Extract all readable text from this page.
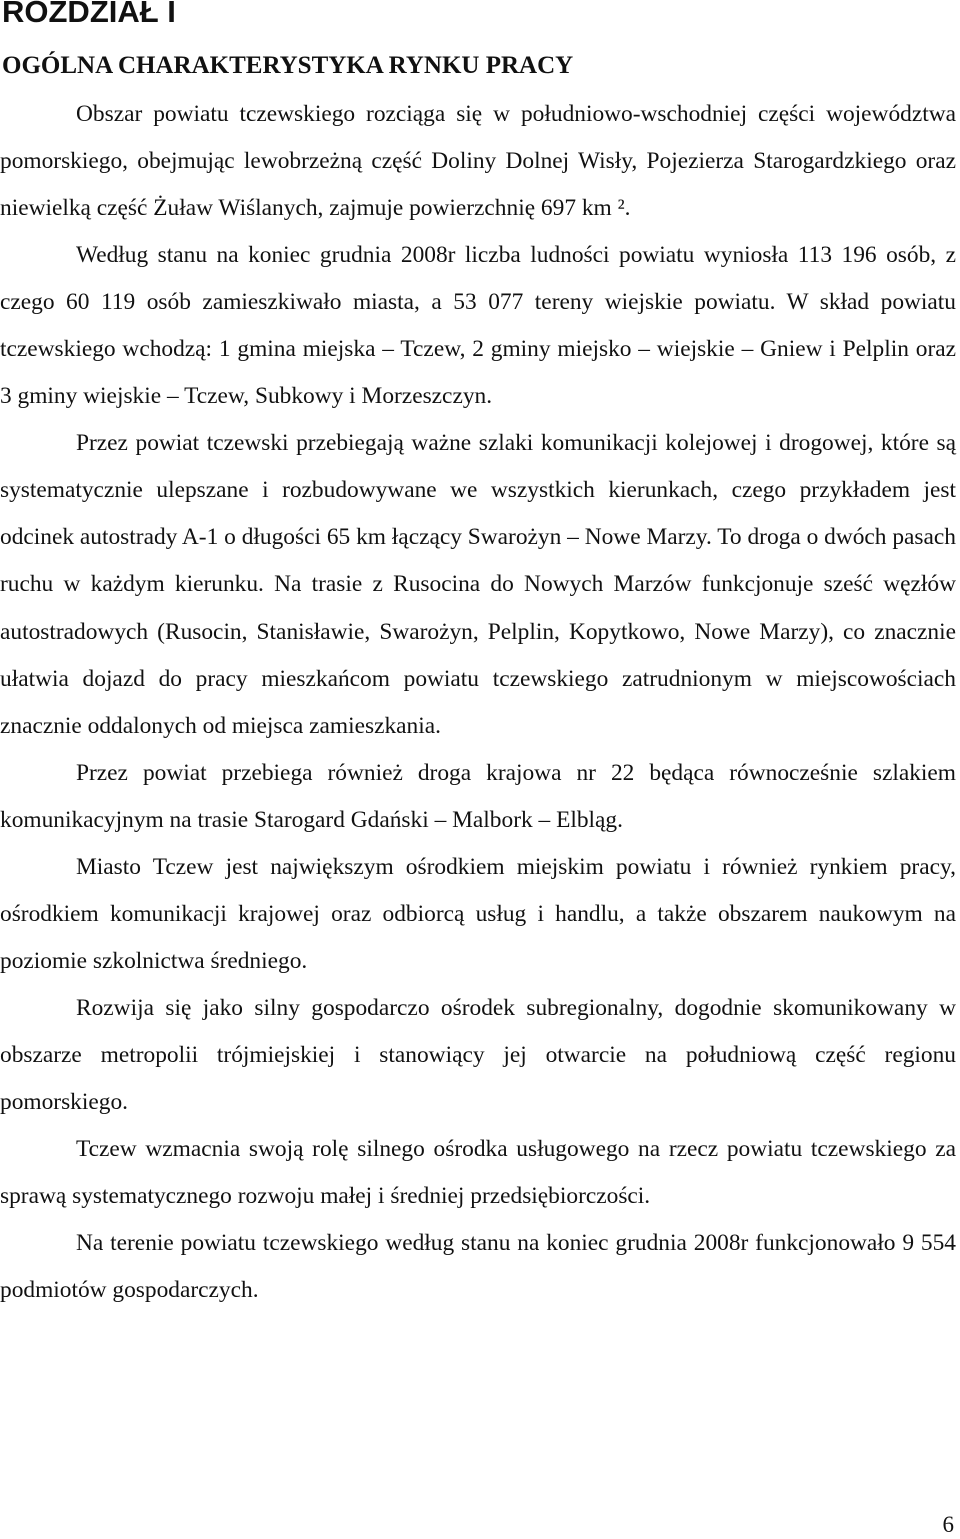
ROZDZIAŁ I
OGÓLNA CHARAKTERYSTYKA RYNKU PRACY

Obszar powiatu tczewskiego rozciąga się w południowo-wschodniej części województwa pomorskiego, obejmując lewobrzeżną część Doliny Dolnej Wisły, Pojezierza Starogardzkiego oraz niewielką część Żuław Wiślanych, zajmuje powierzchnię 697 km ².

Według stanu na koniec grudnia 2008r liczba ludności powiatu wyniosła 113 196 osób, z czego 60 119 osób zamieszkiwało miasta, a 53 077 tereny wiejskie powiatu. W skład powiatu tczewskiego wchodzą: 1 gmina miejska – Tczew, 2 gminy miejsko – wiejskie – Gniew i Pelplin oraz 3 gminy wiejskie – Tczew, Subkowy i Morzeszczyn.

Przez powiat tczewski przebiegają ważne szlaki komunikacji kolejowej i drogowej, które są systematycznie ulepszane i rozbudowywane we wszystkich kierunkach, czego przykładem jest odcinek autostrady A-1 o długości 65 km łączący Swarożyn – Nowe Marzy. To droga o dwóch pasach ruchu w każdym kierunku. Na trasie z Rusocina do Nowych Marzów funkcjonuje sześć węzłów autostradowych (Rusocin, Stanisławie, Swarożyn, Pelplin, Kopytkowo, Nowe Marzy), co znacznie ułatwia dojazd do pracy mieszkańcom powiatu tczewskiego zatrudnionym w miejscowościach znacznie oddalonych od miejsca zamieszkania.

Przez powiat przebiega również droga krajowa nr 22 będąca równocześnie szlakiem komunikacyjnym na trasie Starogard Gdański – Malbork – Elbląg.

Miasto Tczew jest największym ośrodkiem miejskim powiatu i również rynkiem pracy, ośrodkiem komunikacji krajowej oraz odbiorcą usług i handlu, a także obszarem naukowym na poziomie szkolnictwa średniego.

Rozwija się jako silny gospodarczo ośrodek subregionalny, dogodnie skomunikowany w obszarze metropolii trójmiejskiej i stanowiący jej otwarcie na południową część regionu pomorskiego.

Tczew wzmacnia swoją rolę silnego ośrodka usługowego na rzecz powiatu tczewskiego za sprawą systematycznego rozwoju małej i średniej przedsiębiorczości.

Na terenie powiatu tczewskiego według stanu na koniec grudnia 2008r funkcjonowało 9 554 podmiotów gospodarczych.

6
